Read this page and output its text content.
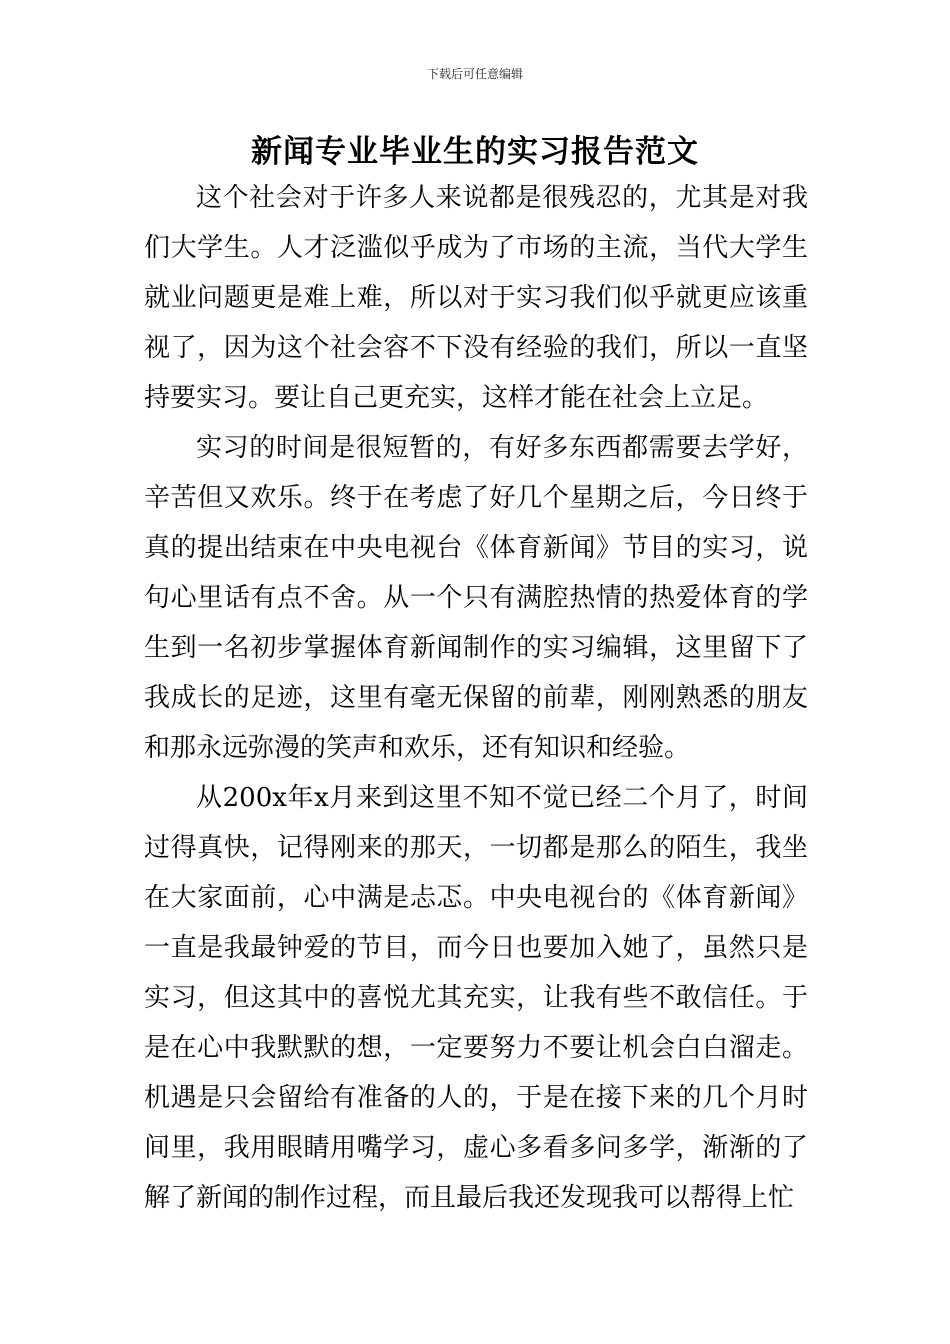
下载后可任意编辑
新闻专业毕业生的实习报告范文

这个社会对于许多人来说都是很残忍的，尤其是对我们大学生。人才泛滥似乎成为了市场的主流，当代大学生就业问题更是难上难，所以对于实习我们似乎就更应该重视了，因为这个社会容不下没有经验的我们，所以一直坚持要实习。要让自己更充实，这样才能在社会上立足。

实习的时间是很短暂的，有好多东西都需要去学好，辛苦但又欢乐。终于在考虑了好几个星期之后，今日终于真的提出结束在中央电视台《体育新闻》节目的实习，说句心里话有点不舍。从一个只有满腔热情的热爱体育的学生到一名初步掌握体育新闻制作的实习编辑，这里留下了我成长的足迹，这里有毫无保留的前辈，刚刚熟悉的朋友和那永远弥漫的笑声和欢乐，还有知识和经验。

从200x年x月来到这里不知不觉已经二个月了，时间过得真快，记得刚来的那天，一切都是那么的陌生，我坐在大家面前，心中满是忐忑。中央电视台的《体育新闻》一直是我最钟爱的节目，而今日也要加入她了，虽然只是实习，但这其中的喜悦尤其充实，让我有些不敢信任。于是在心中我默默的想，一定要努力不要让机会白白溜走。机遇是只会留给有准备的人的，于是在接下来的几个月时间里，我用眼睛用嘴学习，虚心多看多问多学，渐渐的了解了新闻的制作过程，而且最后我还发现我可以帮得上忙
